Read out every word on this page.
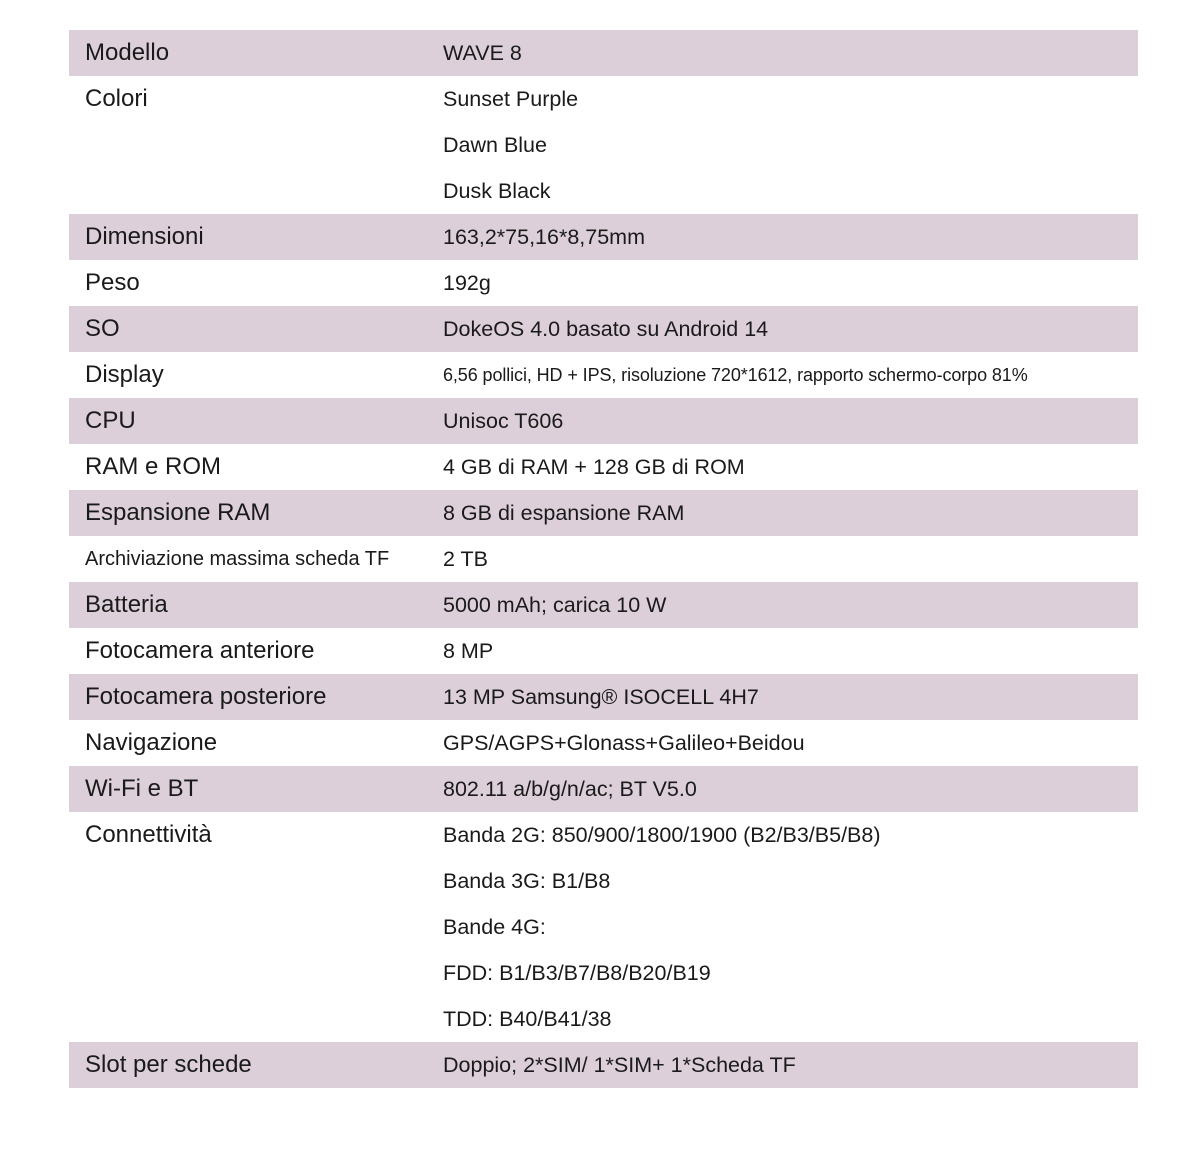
Modello	WAVE 8
Colori	Sunset Purple
Dawn Blue
Dusk Black
Dimensioni	163,2*75,16*8,75mm
Peso	192g
SO	DokeOS 4.0 basato su Android 14
Display	6,56 pollici, HD + IPS, risoluzione 720*1612, rapporto schermo-corpo 81%
CPU	Unisoc T606
RAM e ROM	4 GB di RAM + 128 GB di ROM
Espansione RAM	8 GB di espansione RAM
Archiviazione massima scheda TF	2 TB
Batteria	5000 mAh; carica 10 W
Fotocamera anteriore	8 MP
Fotocamera posteriore	13 MP Samsung® ISOCELL 4H7
Navigazione	GPS/AGPS+Glonass+Galileo+Beidou
Wi-Fi e BT	802.11 a/b/g/n/ac; BT V5.0
Connettività	Banda 2G: 850/900/1800/1900 (B2/B3/B5/B8)
Banda 3G: B1/B8
Bande 4G:
FDD: B1/B3/B7/B8/B20/B19
TDD: B40/B41/38
Slot per schede	Doppio; 2*SIM/ 1*SIM+ 1*Scheda TF
